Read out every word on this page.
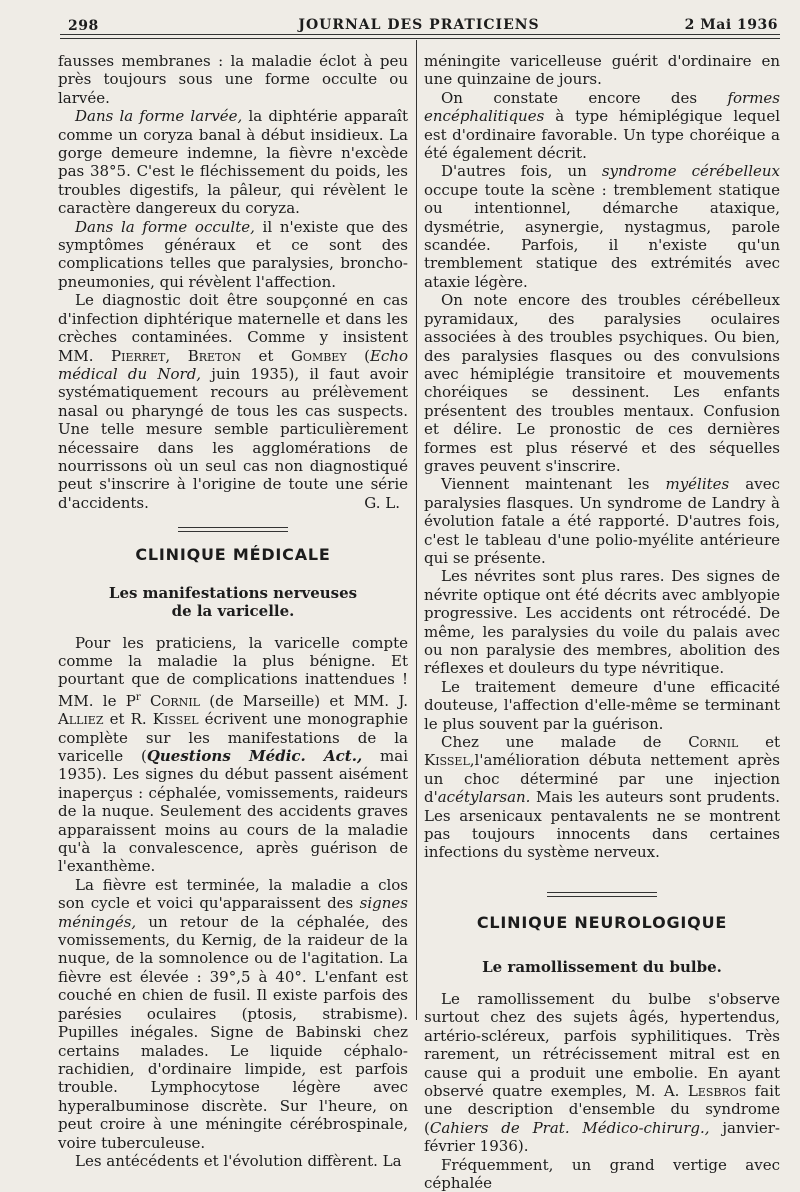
298	JOURNAL DES PRATICIENS	2 Mai 1936

fausses membranes : la maladie éclot à peu près toujours sous une forme occulte ou larvée.

Dans la forme larvée, la diphtérie apparaît comme un coryza banal à début insidieux. La gorge demeure indemne, la fièvre n'excède pas 38°5. C'est le fléchissement du poids, les troubles digestifs, la pâleur, qui révèlent le caractère dangereux du coryza.

Dans la forme occulte, il n'existe que des symptômes généraux et ce sont des complications telles que paralysies, broncho-pneumonies, qui révèlent l'affection.

Le diagnostic doit être soupçonné en cas d'infection diphtérique maternelle et dans les crèches contaminées. Comme y insistent MM. Pierret, Breton et Gombey (Echo médical du Nord, juin 1935), il faut avoir systématiquement recours au prélèvement nasal ou pharyngé de tous les cas suspects. Une telle mesure semble particulièrement nécessaire dans les agglomérations de nourrissons où un seul cas non diagnostiqué peut s'inscrire à l'origine de toute une série d'accidents.	G. L.

CLINIQUE MÉDICALE
Les manifestations nerveuses
de la varicelle.

Pour les praticiens, la varicelle compte comme la maladie la plus bénigne. Et pourtant que de complications inattendues ! MM. le $P^r$ Cornil (de Marseille) et MM. J. Alliez et R. Kissel écrivent une monographie complète sur les manifestations de la varicelle (Questions Médic. Act., mai 1935). Les signes du début passent aisément inaperçus : céphalée, vomissements, raideurs de la nuque. Seulement des accidents graves apparaissent moins au cours de la maladie qu'à la convalescence, après guérison de l'exanthème.

La fièvre est terminée, la maladie a clos son cycle et voici qu'apparaissent des signes méningés, un retour de la céphalée, des vomissements, du Kernig, de la raideur de la nuque, de la somnolence ou de l'agitation. La fièvre est élevée : 39°,5 à 40°. L'enfant est couché en chien de fusil. Il existe parfois des parésies oculaires (ptosis, strabisme). Pupilles inégales. Signe de Babinski chez certains malades. Le liquide céphalo-rachidien, d'ordinaire limpide, est parfois trouble. Lymphocytose légère avec hyperalbuminose discrète. Sur l'heure, on peut croire à une méningite cérébrospinale, voire tuberculeuse.

Les antécédents et l'évolution diffèrent. La

méningite varicelleuse guérit d'ordinaire en une quinzaine de jours.

On constate encore des formes encéphalitiques à type hémiplégique lequel est d'ordinaire favorable. Un type choréique a été également décrit.

D'autres fois, un syndrome cérébelleux occupe toute la scène : tremblement statique ou intentionnel, démarche ataxique, dysmétrie, asynergie, nystagmus, parole scandée. Parfois, il n'existe qu'un tremblement statique des extrémités avec ataxie légère.

On note encore des troubles cérébelleux pyramidaux, des paralysies oculaires associées à des troubles psychiques. Ou bien, des paralysies flasques ou des convulsions avec hémiplégie transitoire et mouvements choréiques se dessinent. Les enfants présentent des troubles mentaux. Confusion et délire. Le pronostic de ces dernières formes est plus réservé et des séquelles graves peuvent s'inscrire.

Viennent maintenant les myélites avec paralysies flasques. Un syndrome de Landry à évolution fatale a été rapporté. D'autres fois, c'est le tableau d'une polio-myélite antérieure qui se présente.

Les névrites sont plus rares. Des signes de névrite optique ont été décrits avec amblyopie progressive. Les accidents ont rétrocédé. De même, les paralysies du voile du palais avec ou non paralysie des membres, abolition des réflexes et douleurs du type névritique.

Le traitement demeure d'une efficacité douteuse, l'affection d'elle-même se terminant le plus souvent par la guérison.

Chez une malade de Cornil et Kissel,l'amélioration débuta nettement après un choc déterminé par une injection d'acétylarsan. Mais les auteurs sont prudents. Les arsenicaux pentavalents ne se montrent pas toujours innocents dans certaines infections du système nerveux.

CLINIQUE NEUROLOGIQUE
Le ramollissement du bulbe.

Le ramollissement du bulbe s'observe surtout chez des sujets âgés, hypertendus, artério-scléreux, parfois syphilitiques. Très rarement, un rétrécissement mitral est en cause qui a produit une embolie. En ayant observé quatre exemples, M. A. Lesbros fait une description d'ensemble du syndrome (Cahiers de Prat. Médico-chirurg., janvier-février 1936).

Fréquemment, un grand vertige avec céphalée
